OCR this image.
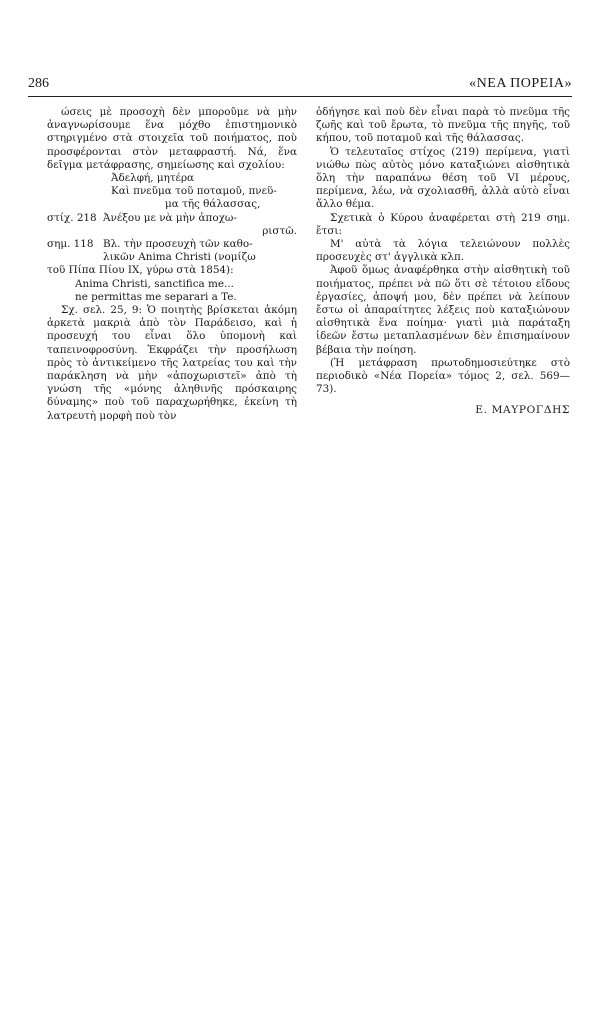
286	«ΝΕΑ ΠΟΡΕΙΑ»

ώσεις μὲ προσοχὴ δὲν μποροῦμε νὰ μὴν ἀναγνωρίσουμε ἕνα μόχθο ἐπιστημονικὸ στηριγμένο στὰ στοιχεῖα τοῦ ποιήματος, ποὺ προσφέρονται στὸν μεταφραστή. Νά, ἕνα δεῖγμα μετάφρασης, σημείωσης καὶ σχολίου:

Ἀδελφή, μητέρα

Καὶ πνεῦμα τοῦ ποταμοῦ, πνεῦ-

μα τῆς θάλασσας,

στίχ. 218 Ἀνέξου με νὰ μὴν ἀποχω-

ριστῶ.

σημ. 118 Βλ. τὴν προσευχὴ τῶν καθο-

λικῶν Anima Christi (νομίζω

τοῦ Πίπα Πίου ΙΧ, γύρω στὰ 1854):

Anima Christi, sanctifica me...

ne permittas me separari a Te.

Σχ. σελ. 25, 9: Ὁ ποιητὴς βρίσκεται ἀκόμη ἀρκετὰ μακριὰ ἀπὸ τὸν Παράδεισο, καὶ ἡ προσευχή του εἶναι ὅλο ὑπομονὴ καὶ ταπεινοφροσύνη. Ἐκφράζει τὴν προσήλωση πρὸς τὸ ἀντικείμενο τῆς λατρείας του καὶ τὴν παράκληση νὰ μὴν «ἀποχωριστεῖ» ἀπὸ τὴ γνώση τῆς «μόνης ἀληθινῆς πρόσκαιρης δύναμης» ποὺ τοῦ παραχωρήθηκε, ἐκείνη τὴ λατρευτὴ μορφὴ ποὺ τὸν

ὁδήγησε καὶ ποὺ δὲν εἶναι παρὰ τὸ πνεῦμα τῆς ζωῆς καὶ τοῦ ἔρωτα, τὸ πνεῦμα τῆς πηγῆς, τοῦ κήπου, τοῦ ποταμοῦ καὶ τῆς θάλασσας.

Ὁ τελευταῖος στίχος (219) περίμενα, γιατὶ νιώθω πὼς αὐτὸς μόνο καταξιώνει αἰσθητικὰ ὅλη τὴν παραπάνω θέση τοῦ VI μέρους, περίμενα, λέω, νὰ σχολιασθῆ, ἀλλὰ αὐτὸ εἶναι ἄλλο θέμα.

Σχετικὰ ὁ Κύρου ἀναφέρεται στὴ 219 σημ. ἔτσι:

Μ' αὐτὰ τὰ λόγια τελειώνουν πολλὲς προσευχὲς στ' ἀγγλικὰ κλπ.

Ἀφοῦ ὅμως ἀναφέρθηκα στὴν αἰσθητικὴ τοῦ ποιήματος, πρέπει νὰ πῶ ὅτι σὲ τέτοιου εἴδους ἐργασίες, ἀποψή μου, δὲν πρέπει νὰ λείπουν ἔστω οἱ ἀπαραίτητες λέξεις ποὺ καταξιώνουν αἰσθητικὰ ἕνα ποίημα· γιατὶ μιὰ παράταξη ἰδεῶν ἔστω μεταπλασμένων δὲν ἐπισημαίνουν βέβαια τὴν ποίηση.

(Ἡ μετάφραση πρωτοδημοσιεύτηκε στὸ περιοδικὸ «Νέα Πορεία» τόμος 2, σελ. 569—73).

Ε. ΜΑΥΡΟΓΔΗΣ
